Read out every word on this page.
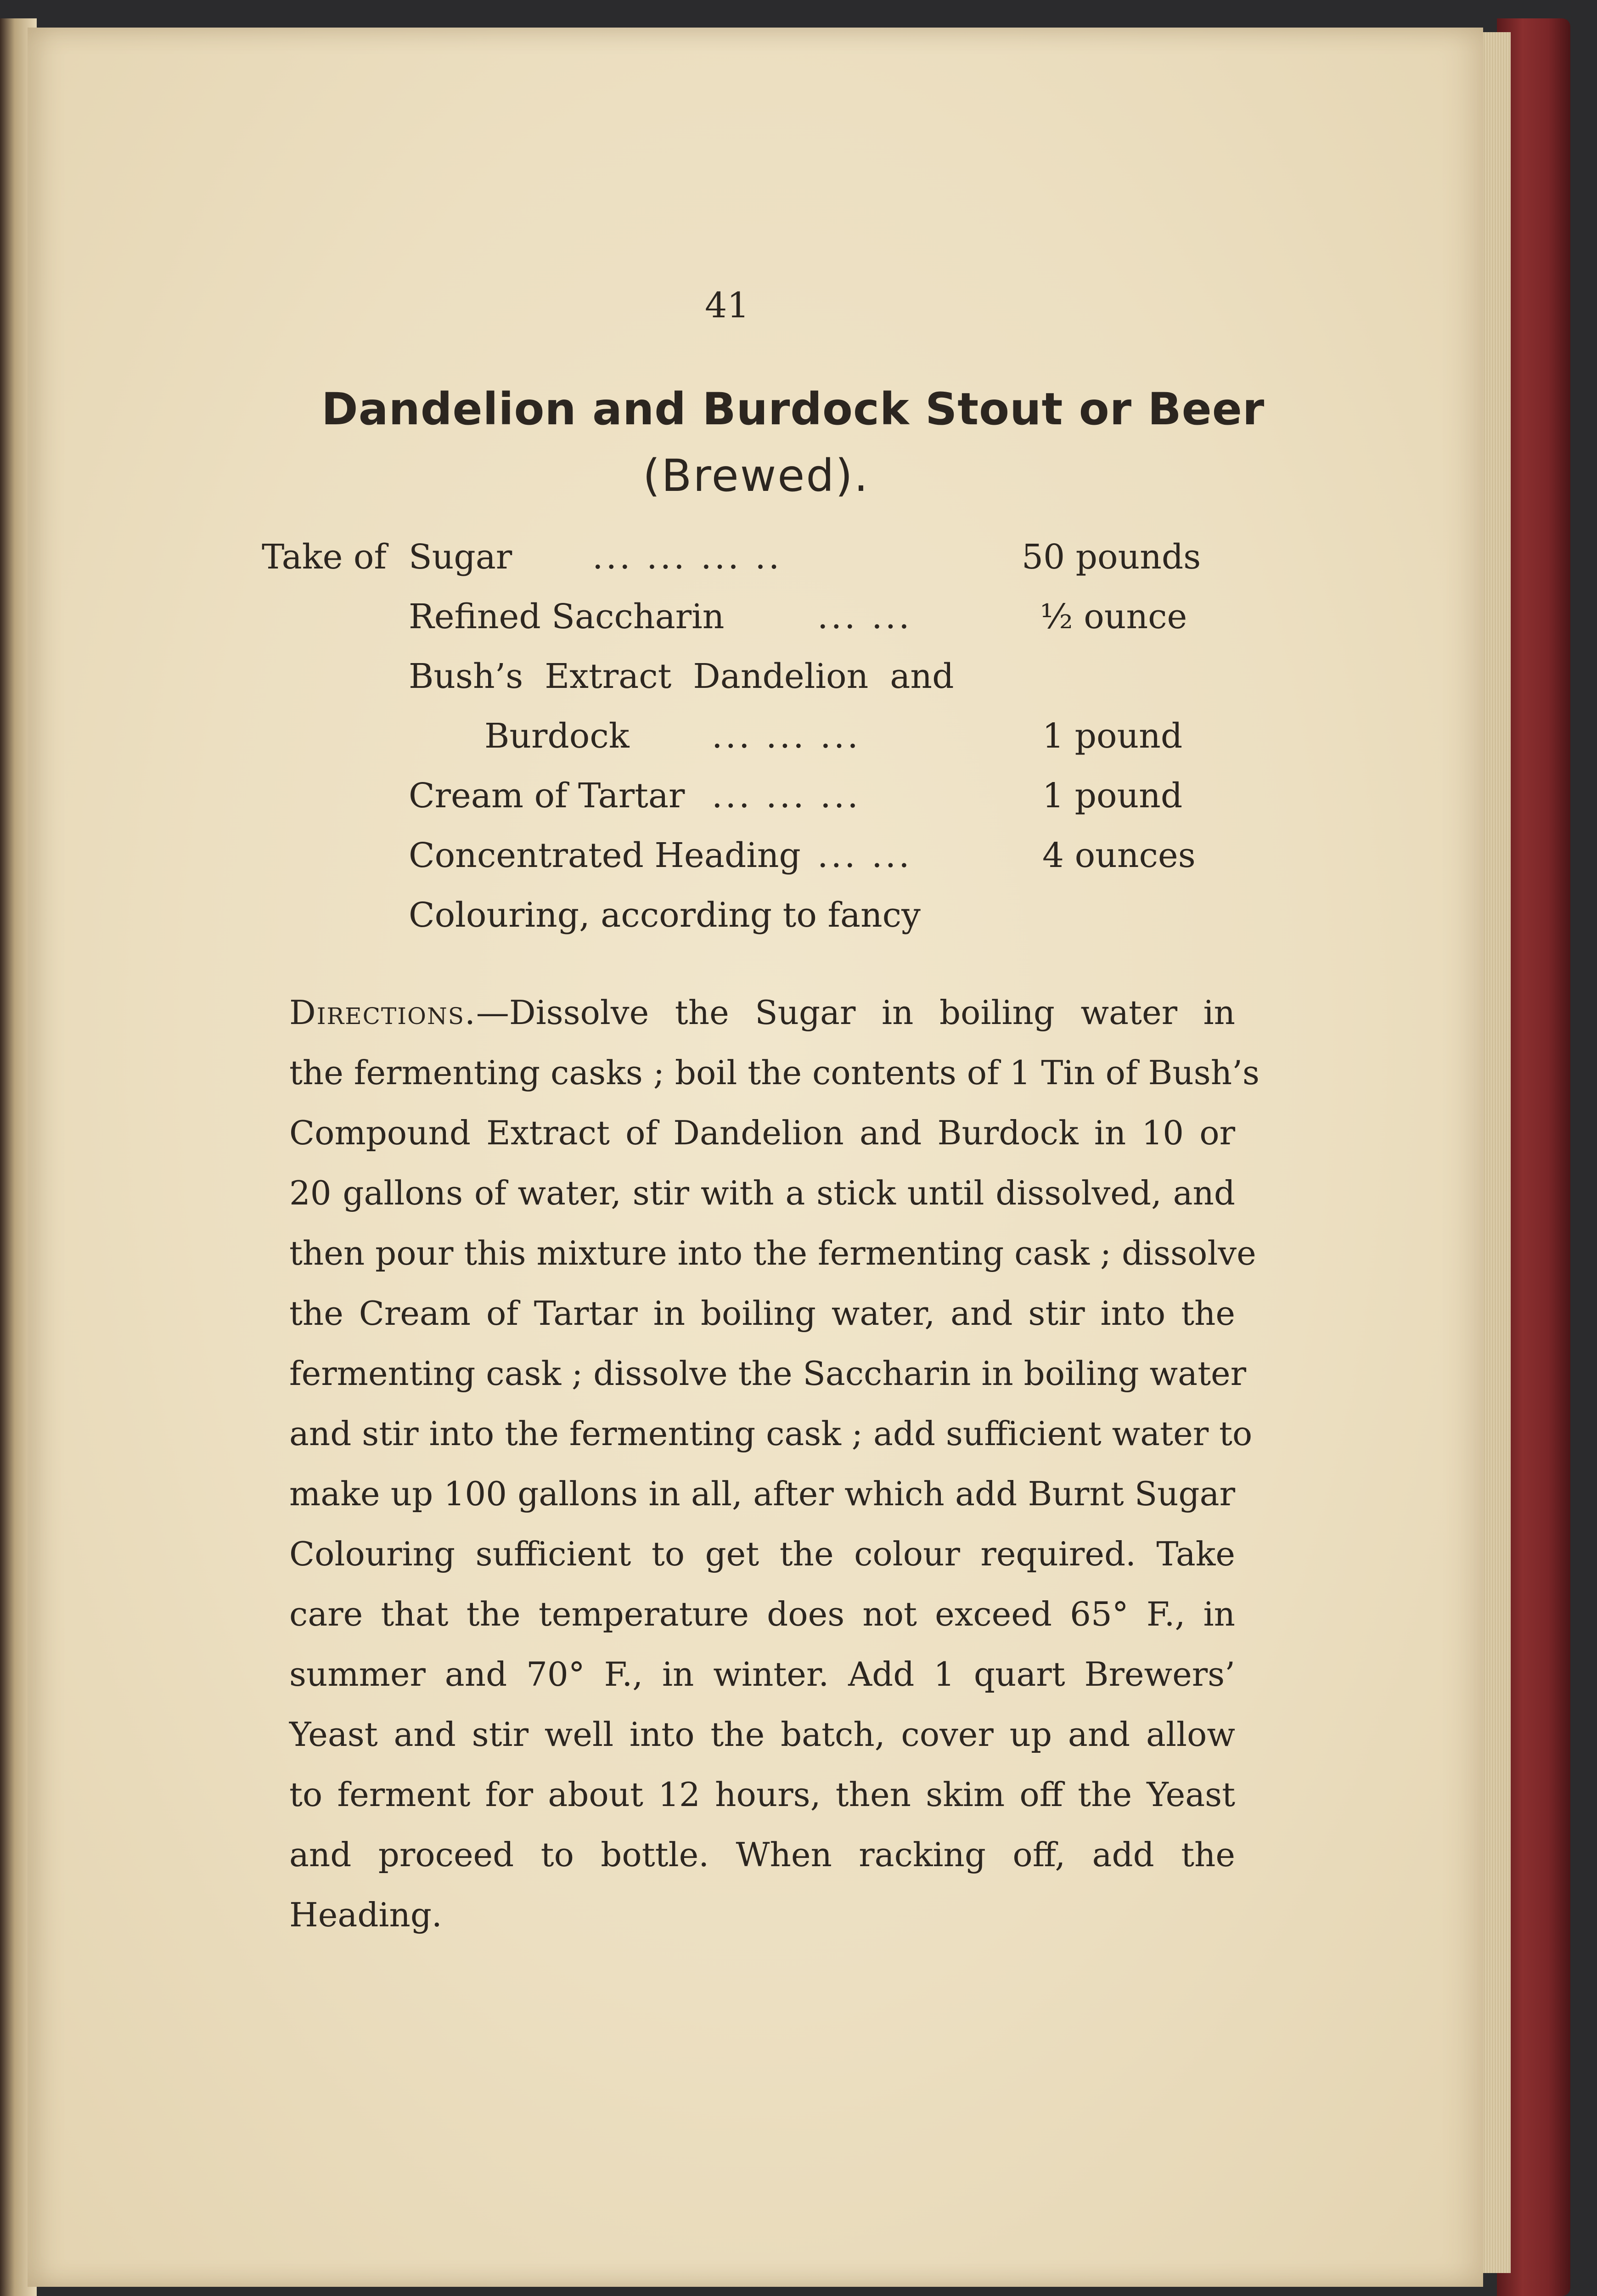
41
Dandelion and Burdock Stout or Beer
(Brewed).
Take of Sugar ... ... ... ..	50 pounds
Refined Saccharin	... ...	½ ounce
Bush’s  Extract  Dandelion  and
Burdock ... ... ...	1 pound
Cream of Tartar ... ... ...	1 pound
Concentrated Heading ... ...	4 ounces
Colouring, according to fancy
Directions.—Dissolve the Sugar in boiling water in
the fermenting casks ; boil the contents of 1 Tin of Bush’s
Compound Extract of Dandelion and Burdock in 10 or
20 gallons of water, stir with a stick until dissolved, and
then pour this mixture into the fermenting cask ; dissolve
the Cream of Tartar in boiling water, and stir into the
fermenting cask ; dissolve the Saccharin in boiling water
and stir into the fermenting cask ; add sufficient water to
make up 100 gallons in all, after which add Burnt Sugar
Colouring sufficient to get the colour required. Take
care that the temperature does not exceed 65° F., in
summer and 70° F., in winter. Add 1 quart Brewers’
Yeast and stir well into the batch, cover up and allow
to ferment for about 12 hours, then skim off the Yeast
and proceed to bottle. When racking off, add the
Heading.
